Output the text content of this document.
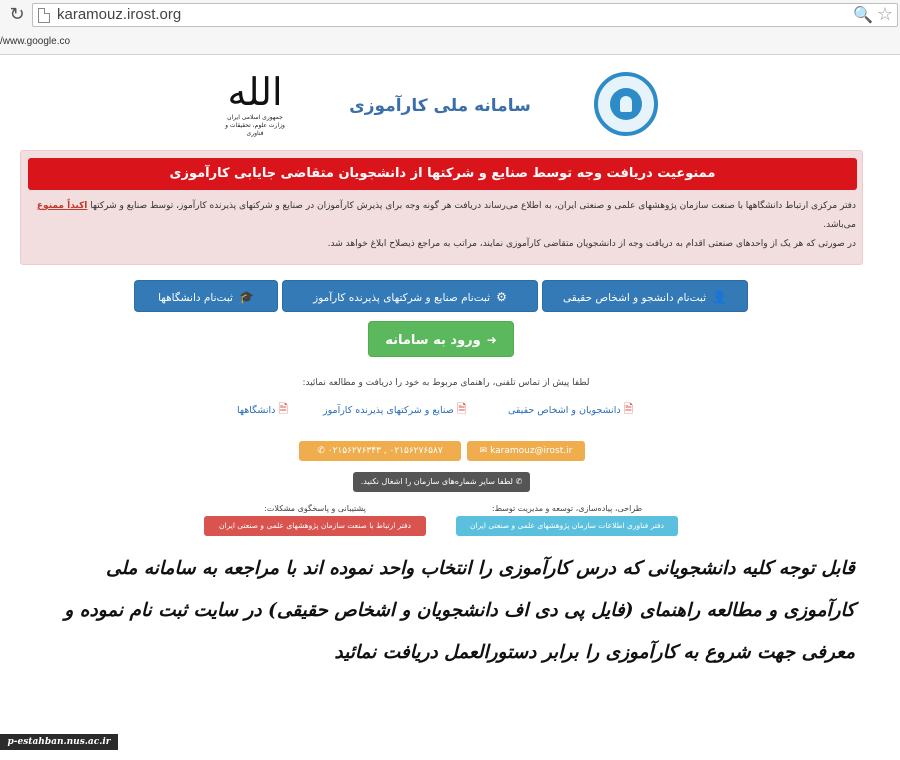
↻ karamouz.irost.org	🔍 ☆
/www.google.co
الله
جمهوری اسلامی ایران
وزارت علوم، تحقیقات و فناوری
سامانه ملی کارآموزی
ممنوعیت دریافت وجه توسط صنایع و شرکتها از دانشجویان متقاضی جایابی کارآموزی
دفتر مرکزی ارتباط دانشگاهها با صنعت سازمان پژوهشهای علمی و صنعتی ایران، به اطلاع می‌رساند دریافت هر گونه وجه برای پذیرش کارآموزان در صنایع و شرکتهای پذیرنده کارآموز، توسط صنایع و شرکتها اکیداً ممنوع می‌باشد.
در صورتی که هر یک از واحدهای صنعتی اقدام به دریافت وجه از دانشجویان متقاضی کارآموزی نمایند، مراتب به مراجع ذیصلاح ابلاغ خواهد شد.
👤ثبت‌نام دانشجو و اشخاص حقیقی
⚙ثبت‌نام صنایع و شرکتهای پذیرنده کارآموز
🎓ثبت‌نام دانشگاهها
➜ورود به سامانه
لطفا پیش از تماس تلفنی، راهنمای مربوط به خود را دریافت و مطالعه نمائید:
🗎دانشجویان و اشخاص حقیقی
🗎صنایع و شرکتهای پذیرنده کارآموز
🗎دانشگاهها
✆ ۰۲۱۵۶۲۷۶۳۴۳ , ۰۲۱۵۶۲۷۶۵۸۷	✉ karamouz@irost.ir
✆ لطفا سایر شماره‌های سازمان را اشغال نکنید.
طراحی، پیاده‌سازی، توسعه و مدیریت توسط:
دفتر فناوری اطلاعات سازمان پژوهشهای علمی و صنعتی ایران
پشتیبانی و پاسخگوی مشکلات:
دفتر ارتباط با صنعت سازمان پژوهشهای علمی و صنعتی ایران
قابل توجه کلیه دانشجویانی که درس کارآموزی را انتخاب واحد نموده اند با مراجعه به سامانه ملی کارآموزی و مطالعه راهنمای (فایل پی دی اف دانشجویان و اشخاص حقیقی) در سایت ثبت نام نموده و معرفی جهت شروع به کارآموزی را برابر دستورالعمل دریافت نمائید
p-estahban.nus.ac.ir
